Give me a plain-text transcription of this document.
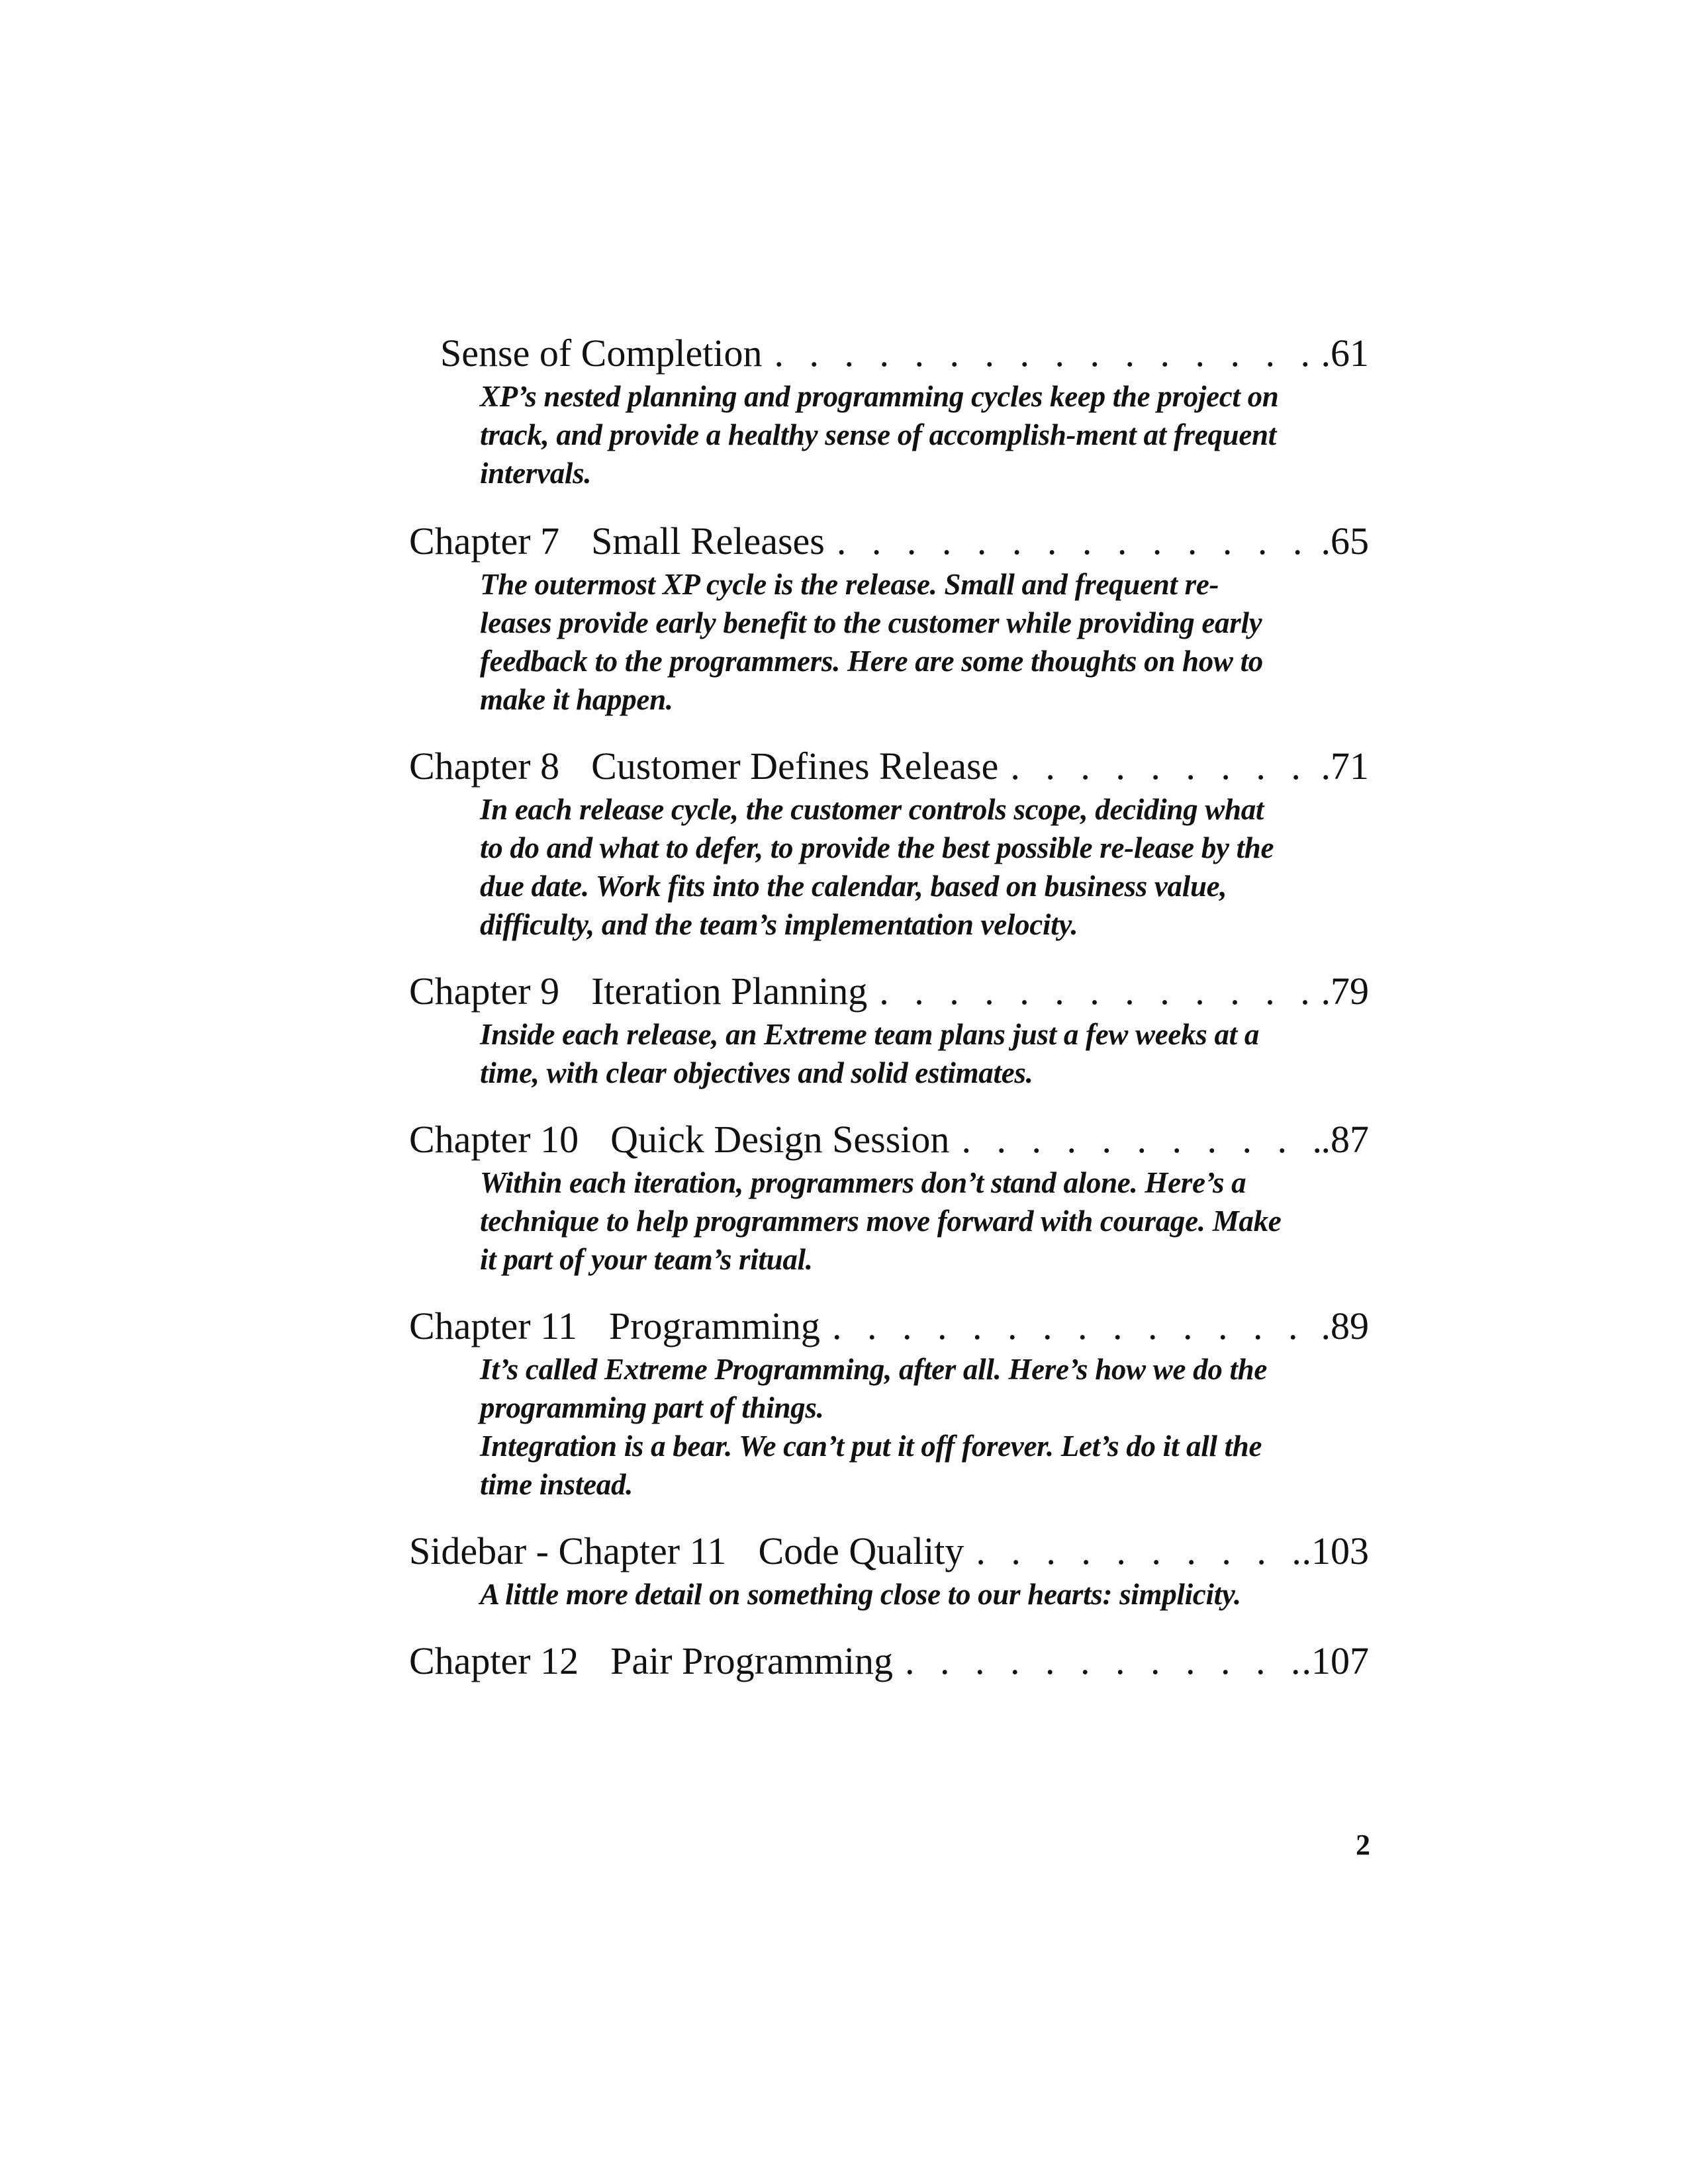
Sense of Completion . . .	.61

XP’s nested planning and programming cycles keep the project on track, and provide a healthy sense of accomplish-ment at frequent intervals.

Chapter 7 Small Releases . . .	.65

The outermost XP cycle is the release. Small and frequent re-leases provide early benefit to the customer while providing early feedback to the programmers. Here are some thoughts on how to make it happen.

Chapter 8 Customer Defines Release . . .	.71

In each release cycle, the customer controls scope, deciding what to do and what to defer, to provide the best possible re-lease by the due date. Work fits into the calendar, based on business value, difficulty, and the team’s implementation velocity.

Chapter 9 Iteration Planning . . .	.79

Inside each release, an Extreme team plans just a few weeks at a time, with clear objectives and solid estimates.

Chapter 10 Quick Design Session . . .	.87

Within each iteration, programmers don’t stand alone. Here’s a technique to help programmers move forward with courage. Make it part of your team’s ritual.

Chapter 11 Programming . . .	.89

It’s called Extreme Programming, after all. Here’s how we do the programming part of things.

Integration is a bear. We can’t put it off forever. Let’s do it all the time instead.

Sidebar - Chapter 11 Code Quality . . .	.103

A little more detail on something close to our hearts: simplicity.

Chapter 12 Pair Programming . . .	.107
2
